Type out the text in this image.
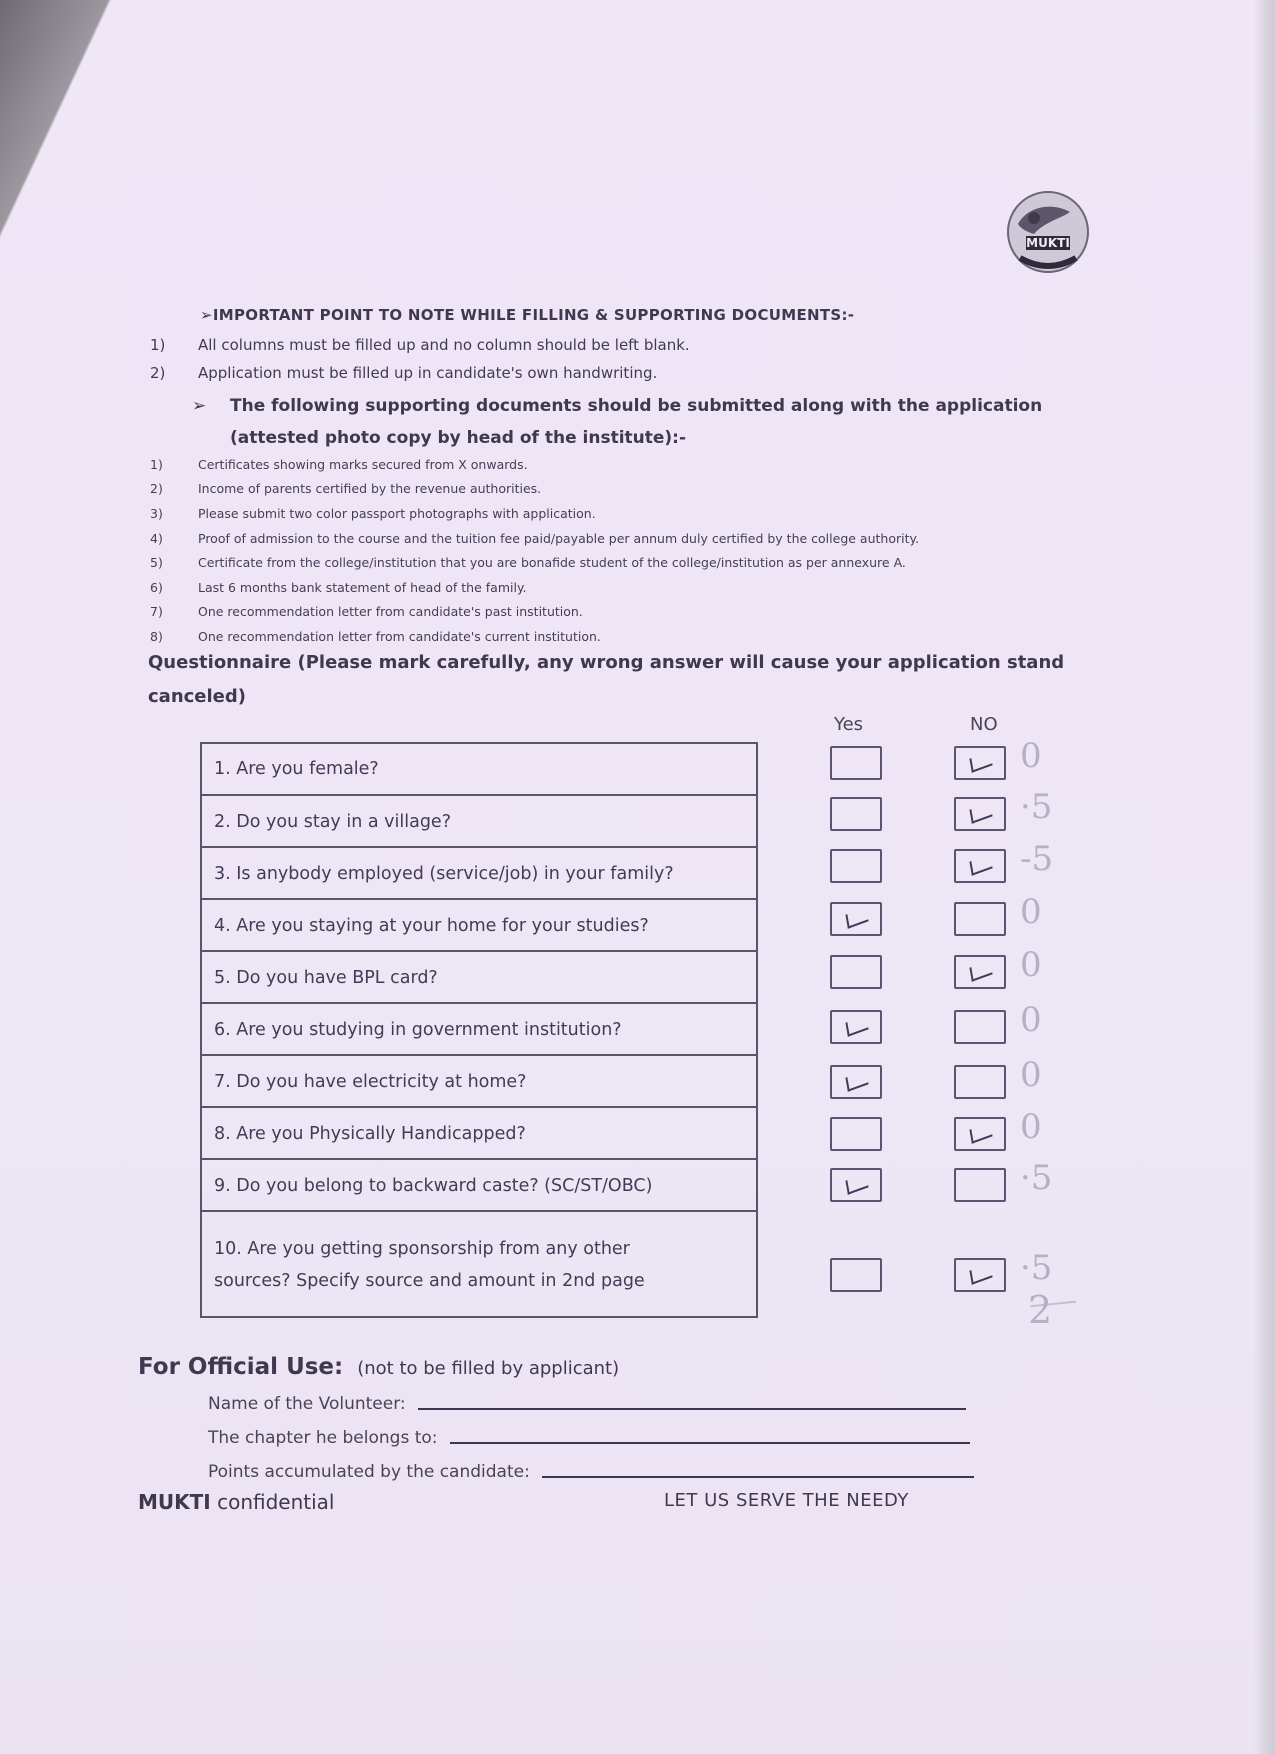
MUKTI
➢IMPORTANT POINT TO NOTE WHILE FILLING & SUPPORTING DOCUMENTS:-
1)	All columns must be filled up and no column should be left blank.
2)	Application must be filled up in candidate's own handwriting.
➢ The following supporting documents should be submitted along with the application
(attested photo copy by head of the institute):-
1)	Certificates showing marks secured from X onwards.
2)	Income of parents certified by the revenue authorities.
3)	Please submit two color passport photographs with application.
4)	Proof of admission to the course and the tuition fee paid/payable per annum duly certified by the college authority.
5)	Certificate from the college/institution that you are bonafide student of the college/institution as per annexure A.
6)	Last 6 months bank statement of head of the family.
7)	One recommendation letter from candidate's past institution.
8)	One recommendation letter from candidate's current institution.
Questionnaire (Please mark carefully, any wrong answer will cause your application stand canceled)
Yes	NO
1. Are you female?	0
2. Do you stay in a village?	·5
3. Is anybody employed (service/job) in your family?	-5
4. Are you staying at your home for your studies?	0
5. Do you have BPL card?	0
6. Are you studying in government institution?	0
7. Do you have electricity at home?	0
8. Are you Physically Handicapped?	0
9. Do you belong to backward caste? (SC/ST/OBC)	·5
10. Are you getting sponsorship from any other
sources? Specify source and amount in 2nd page	·5
2
For Official Use: (not to be filled by applicant)
Name of the Volunteer:
The chapter he belongs to:
Points accumulated by the candidate:
MUKTI confidential	LET US SERVE THE NEEDY
